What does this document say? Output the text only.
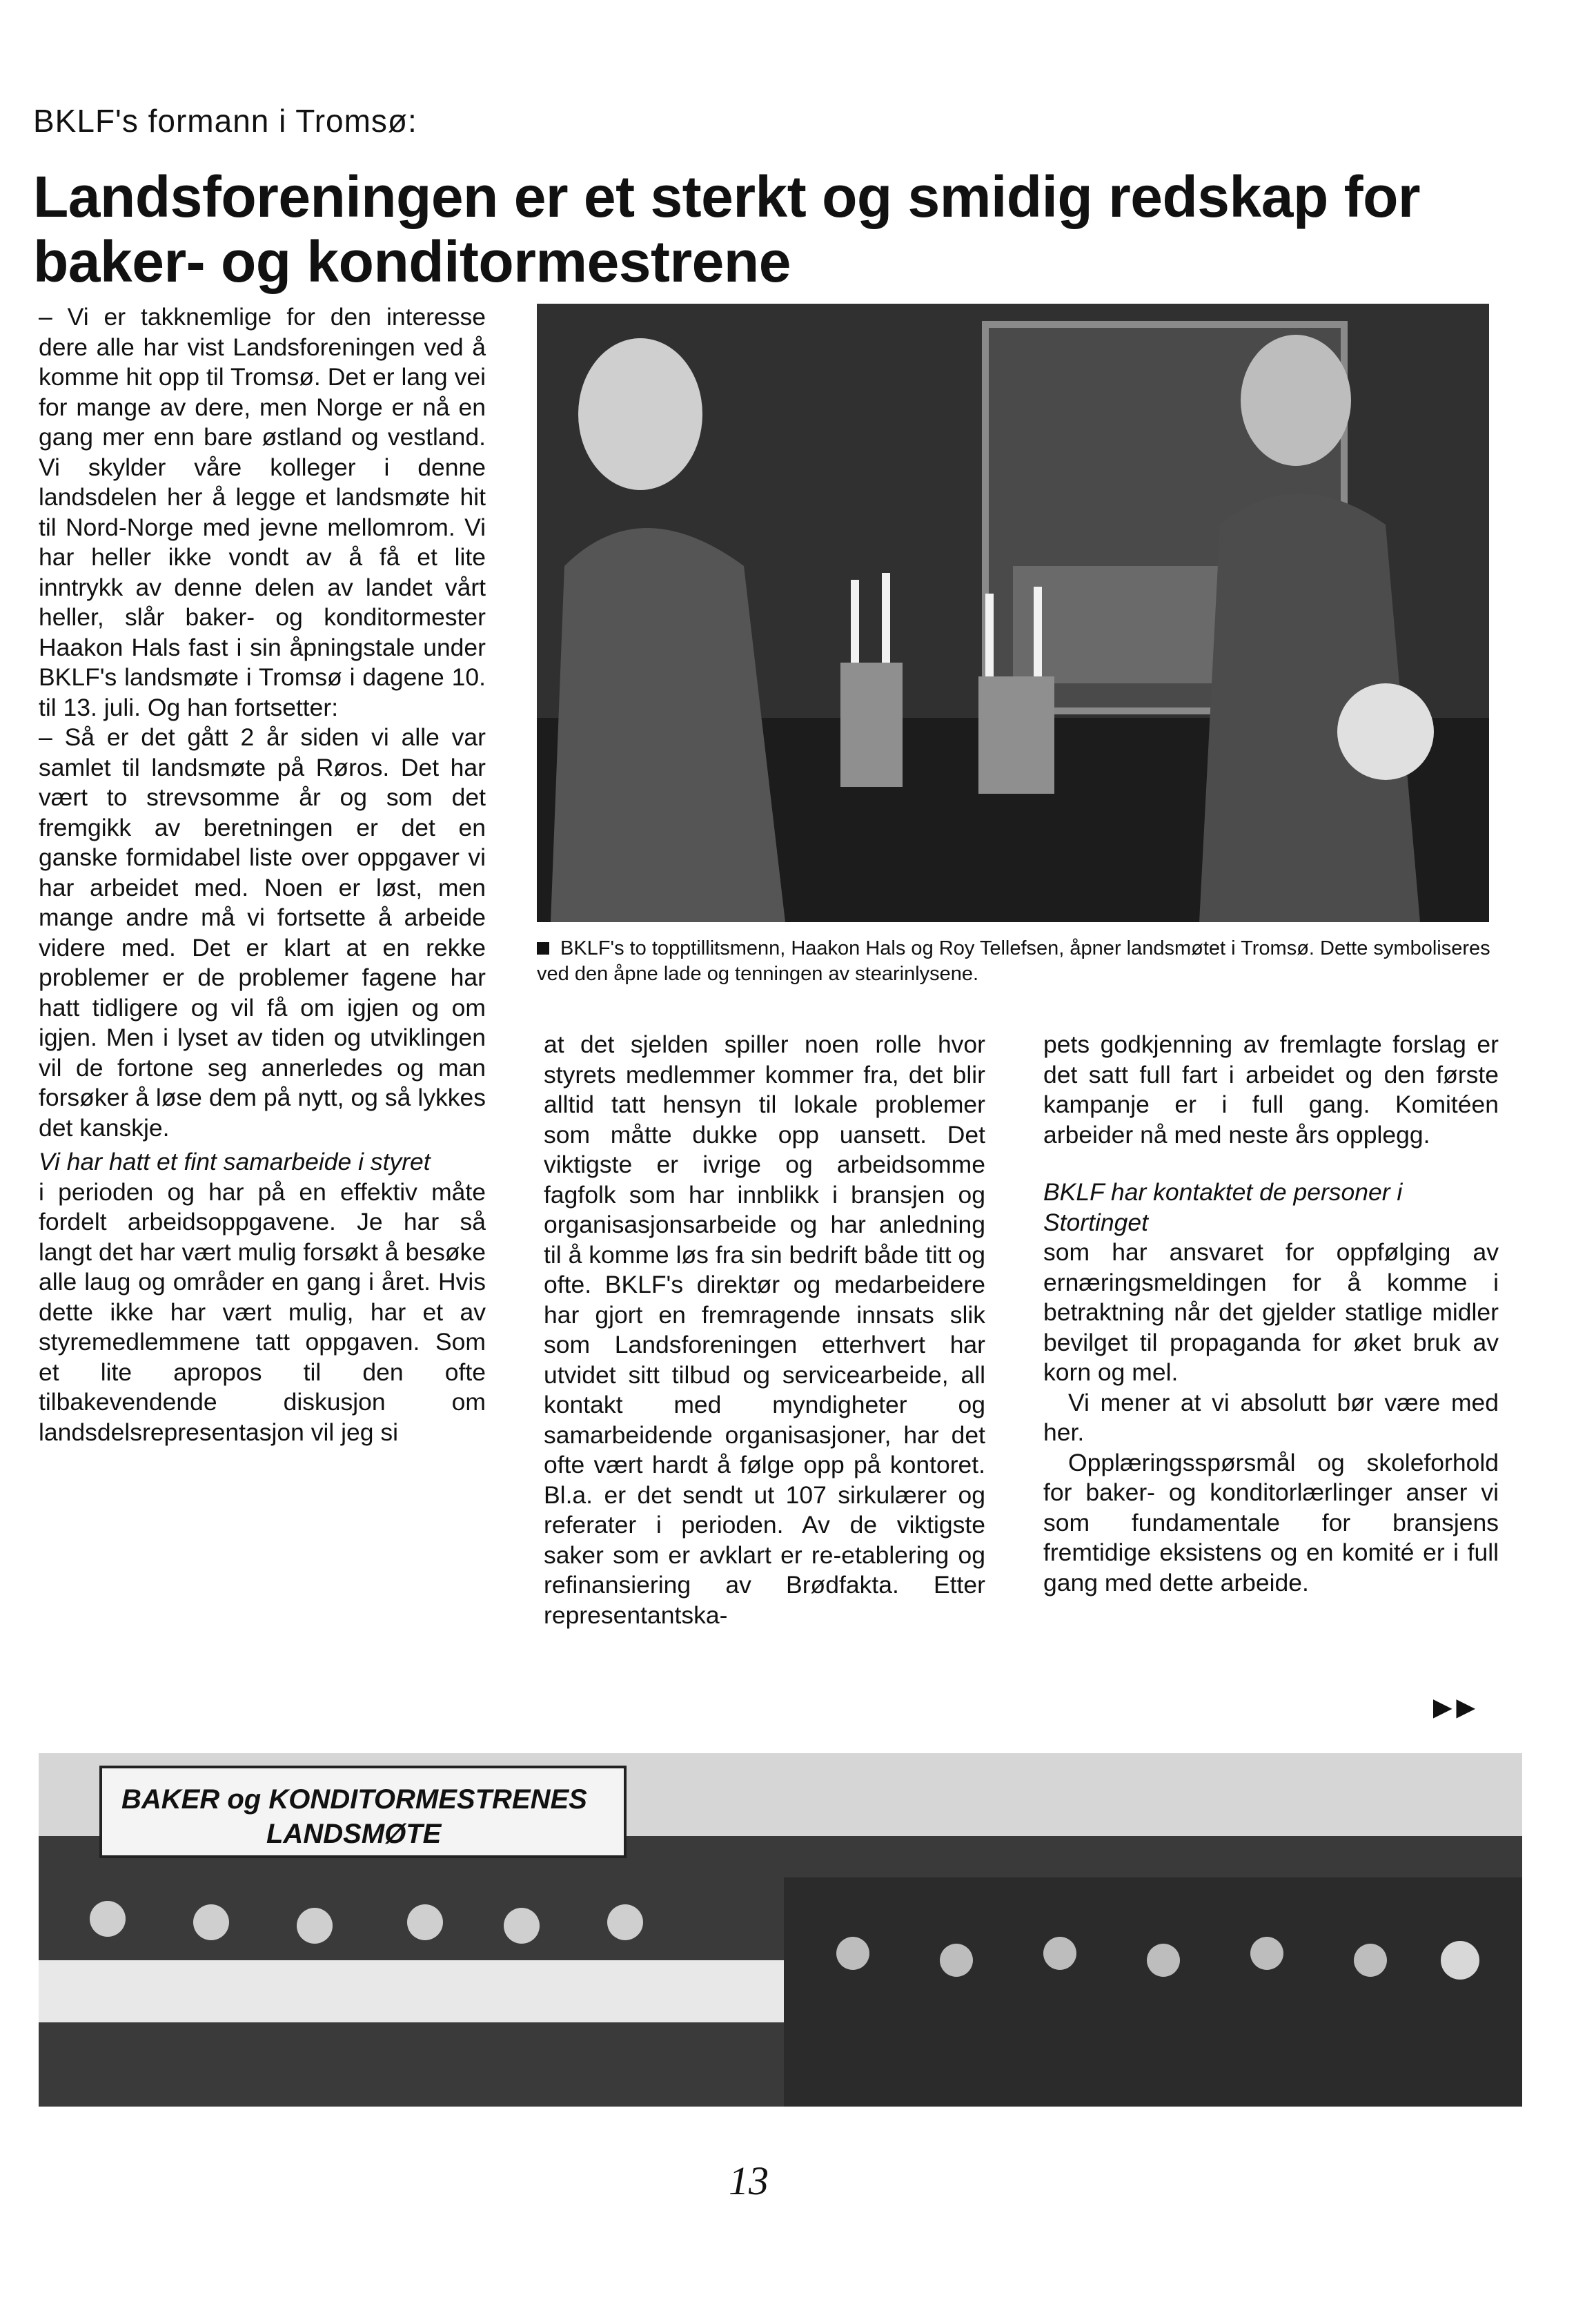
BKLF's formann i Tromsø:
Landsforeningen er et sterkt og smidig redskap for baker- og konditormestrene

– Vi er takknemlige for den interesse dere alle har vist Landsforeningen ved å komme hit opp til Tromsø. Det er lang vei for mange av dere, men Norge er nå en gang mer enn bare østland og vestland. Vi skylder våre kolleger i denne landsdelen her å legge et landsmøte hit til Nord-Norge med jevne mellomrom. Vi har heller ikke vondt av å få et lite inntrykk av denne delen av landet vårt heller, slår baker- og konditormester Haakon Hals fast i sin åpningstale under BKLF's landsmøte i Tromsø i dagene 10. til 13. juli. Og han fortsetter:

– Så er det gått 2 år siden vi alle var samlet til landsmøte på Røros. Det har vært to strevsomme år og som det fremgikk av beretningen er det en ganske formidabel liste over oppgaver vi har arbeidet med. Noen er løst, men mange andre må vi fortsette å arbeide videre med. Det er klart at en rekke problemer er de problemer fagene har hatt tidligere og vil få om igjen og om igjen. Men i lyset av tiden og utviklingen vil de fortone seg annerledes og man forsøker å løse dem på nytt, og så lykkes det kanskje.

Vi har hatt et fint samarbeide i styret

i perioden og har på en effektiv måte fordelt arbeidsoppgavene. Je har så langt det har vært mulig forsøkt å besøke alle laug og områder en gang i året. Hvis dette ikke har vært mulig, har et av styremedlemmene tatt oppgaven. Som et lite apropos til den ofte tilbakevendende diskusjon om landsdelsrepresentasjon vil jeg si

BKLF's to topptillitsmenn, Haakon Hals og Roy Tellefsen, åpner landsmøtet i Tromsø. Dette symboliseres ved den åpne lade og tenningen av stearinlysene.

at det sjelden spiller noen rolle hvor styrets medlemmer kommer fra, det blir alltid tatt hensyn til lokale problemer som måtte dukke opp uansett. Det viktigste er ivrige og arbeidsomme fagfolk som har innblikk i bransjen og organisasjonsarbeide og har anledning til å komme løs fra sin bedrift både titt og ofte. BKLF's direktør og medarbeidere har gjort en fremragende innsats slik som Landsforeningen etterhvert har utvidet sitt tilbud og servicearbeide, all kontakt med myndigheter og samarbeidende organisasjoner, har det ofte vært hardt å følge opp på kontoret. Bl.a. er det sendt ut 107 sirkulærer og referater i perioden. Av de viktigste saker som er avklart er re-etablering og refinansiering av Brødfakta. Etter representantska-

pets godkjenning av fremlagte forslag er det satt full fart i arbeidet og den første kampanje er i full gang. Komitéen arbeider nå med neste års opplegg.

BKLF har kontaktet de personer i Stortinget

som har ansvaret for oppfølging av ernæringsmeldingen for å komme i betraktning når det gjelder statlige midler bevilget til propaganda for øket bruk av korn og mel.

Vi mener at vi absolutt bør være med her.

Opplæringsspørsmål og skoleforhold for baker- og konditorlærlinger anser vi som fundamentale for bransjens fremtidige eksistens og en komité er i full gang med dette arbeide.

►►
BAKER og KONDITORMESTRENES
LANDSMØTE
13
